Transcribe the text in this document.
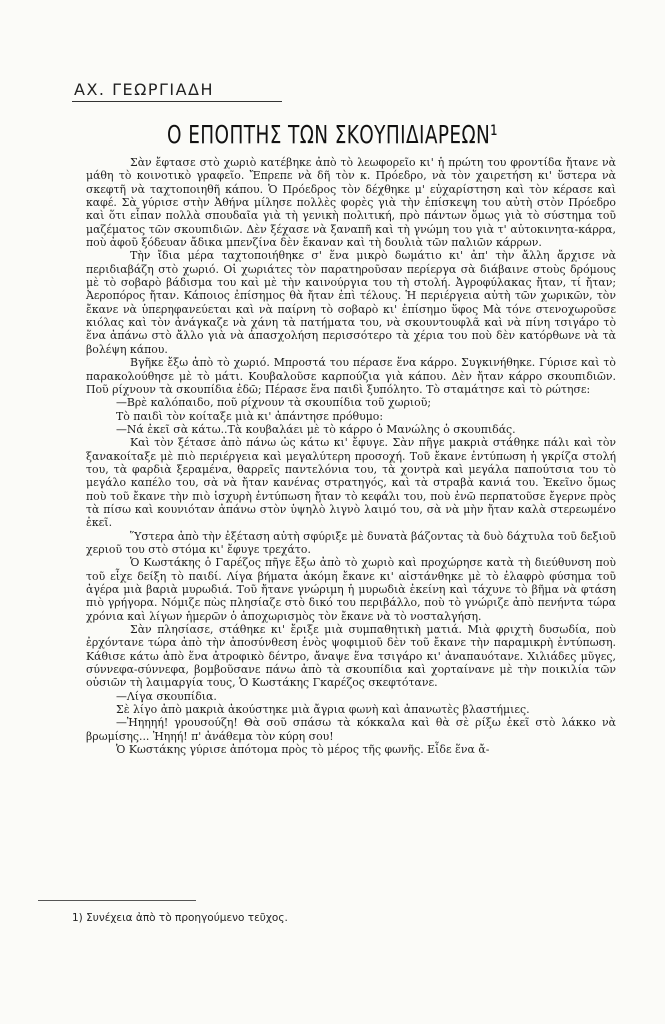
ΑΧ. ΓΕΩΡΓΙΑΔΗ
Ο ΕΠΟΠΤΗΣ ΤΩΝ ΣΚΟΥΠΙΔΙΑΡΕΩΝ¹

Σὰν ἔφτασε στὸ χωριὸ κατέβηκε ἀπὸ τὸ λεωφορεῖο κι' ἡ πρώτη του φροντίδα ἤτανε νὰ μάθη τὸ κοινοτικὸ γραφεῖο. Ἔπρεπε νὰ δῆ τὸν κ. Πρόεδρο, νὰ τὸν χαιρετήση κι' ὕστερα νὰ σκεφτῆ νὰ ταχτοποιηθῆ κάπου. Ὁ Πρόεδρος τὸν δέχθηκε μ' εὐχαρίστηση καὶ τὸν κέρασε καὶ καφέ. Σὰ γύρισε στὴν Ἀθήνα μίλησε πολλὲς φορὲς γιὰ τὴν ἐπίσκεψη του αὐτὴ στὸν Πρόεδρο καὶ ὅτι εἶπαν πολλὰ σπουδαῖα γιὰ τὴ γενικὴ πολιτική, πρὸ πάντων ὅμως γιὰ τὸ σύστημα τοῦ μαζέματος τῶν σκουπιδιῶν. Δὲν ξέχασε νὰ ξαναπῆ καὶ τὴ γνώμη του γιὰ τ' αὐτοκινητα-κάρρα, ποὺ ἀφοῦ ξόδευαν ἄδικα μπενζίνα δὲν ἔκαναν καὶ τὴ δουλιὰ τῶν παλιῶν κάρρων.

Τὴν ἴδια μέρα ταχτοποιήθηκε σ' ἕνα μικρὸ δωμάτιο κι' ἀπ' τὴν ἄλλη ἄρχισε νὰ περιδιαβάζη στὸ χωριό. Οἱ χωριάτες τὸν παρατηροῦσαν περίεργα σὰ διάβαινε στοὺς δρόμους μὲ τὸ σοβαρὸ βάδισμα του καὶ μὲ τὴν καινούργια του τὴ στολή. Ἀγροφύλακας ἤταν, τί ἤταν; Ἀεροπόρος ἤταν. Κάποιος ἐπίσημος θὰ ἤταν ἐπὶ τέλους. Ἡ περιέργεια αὐτὴ τῶν χωρικῶν, τὸν ἔκανε νὰ ὑπερηφανεύεται καὶ νὰ παίρνη τὸ σοβαρὸ κι' ἐπίσημο ὕφος Μὰ τόνε στενοχωροῦσε κιόλας καὶ τὸν ἀνάγκαζε νὰ χάνη τὰ πατήματα του, νὰ σκουντουφλᾶ καὶ νὰ πίνη τσιγάρο τὸ ἕνα ἀπάνω στὸ ἄλλο γιὰ νὰ ἀπασχολήση περισσότερο τὰ χέρια του ποὺ δὲν κατόρθωνε νὰ τὰ βολέψη κάπου.

Βγῆκε ἔξω ἀπὸ τὸ χωριό. Μπροστά του πέρασε ἕνα κάρρο. Συγκινήθηκε. Γύρισε καὶ τὸ παρακολούθησε μὲ τὸ μάτι. Κουβαλοῦσε καρπούζια γιὰ κάπου. Δὲν ἤταν κάρρο σκουπιδιῶν. Ποῦ ρίχνουν τὰ σκουπίδια ἐδῶ; Πέρασε ἕνα παιδὶ ξυπόλητο. Τὸ σταμάτησε καὶ τὸ ρώτησε:

—Βρὲ καλόπαιδο, ποῦ ρίχνουν τὰ σκουπίδια τοῦ χωριοῦ;

Τὸ παιδὶ τὸν κοίταξε μιὰ κι' ἀπάντησε πρόθυμο:

—Νά ἐκεῖ σὰ κάτω..Τὰ κουβαλάει μὲ τὸ κάρρο ὁ Μανώλης ὁ σκουπιδάς.

Καὶ τὸν ξέτασε ἀπὸ πάνω ὡς κάτω κι' ἔφυγε. Σὰν πῆγε μακριὰ στάθηκε πάλι καὶ τὸν ξανακοίταξε μὲ πιὸ περιέργεια καὶ μεγαλύτερη προσοχή. Τοῦ ἔκανε ἐντύπωση ἡ γκρίζα στολή του, τὰ φαρδιὰ ξεραμένα, θαρρεῖς παντελόνια του, τὰ χοντρὰ καὶ μεγάλα παπούτσια του τὸ μεγάλο καπέλο του, σὰ νὰ ἤταν κανένας στρατηγός, καὶ τὰ στραβὰ κανιά του. Ἐκεῖνο ὅμως ποὺ τοῦ ἔκανε τὴν πιὸ ἰσχυρὴ ἐντύπωση ἤταν τὸ κεφάλι του, ποὺ ἐνῶ περπατοῦσε ἔγερνε πρὸς τὰ πίσω καὶ κουνιόταν ἀπάνω στὸν ὑψηλὸ λιγνὸ λαιμό του, σὰ νὰ μὴν ἤταν καλὰ στερεωμένο ἐκεῖ.

Ὕστερα ἀπὸ τὴν ἐξέταση αὐτὴ σφύριξε μὲ δυνατὰ βάζοντας τὰ δυὸ δάχτυλα τοῦ δεξιοῦ χεριοῦ του στὸ στόμα κι' ἔφυγε τρεχάτο.

Ὁ Κωστάκης ὁ Γαρέζος πῆγε ἔξω ἀπὸ τὸ χωριὸ καὶ προχώρησε κατὰ τὴ διεύθυνση ποὺ τοῦ εἶχε δείξη τὸ παιδί. Λίγα βήματα ἀκόμη ἔκανε κι' αἰστάνθηκε μὲ τὸ ἐλαφρὸ φύσημα τοῦ ἀγέρα μιὰ βαριὰ μυρωδιά. Τοῦ ἤτανε γνώριμη ἡ μυρωδιὰ ἐκείνη καὶ τάχυνε τὸ βῆμα νὰ φτάση πιὸ γρήγορα. Νόμιζε πὼς πλησίαζε στὸ δικό του περιβάλλο, ποὺ τὸ γνώριζε ἀπὸ πενήντα τώρα χρόνια καὶ λίγων ἡμερῶν ὁ ἀποχωρισμὸς τὸν ἔκανε νὰ τὸ νοσταλγήση.

Σὰν πλησίασε, στάθηκε κι' ἔριξε μιὰ συμπαθητικὴ ματιά. Μιὰ φριχτὴ δυσωδία, ποὺ ἐρχόντανε τώρα ἀπὸ τὴν ἀποσύνθεση ἑνὸς ψοφιμιοῦ δὲν τοῦ ἔκανε τὴν παραμικρὴ ἐντύπωση. Κάθισε κάτω ἀπὸ ἕνα ἀτροφικὸ δέντρο, ἄναψε ἕνα τσιγάρο κι' ἀναπαυότανε. Χιλιάδες μῦγες, σύννεφα-σύννεφα, βομβοῦσανε πάνω ἀπὸ τὰ σκουπίδια καὶ χορταίνανε μὲ τὴν ποικιλία τῶν οὐσιῶν τὴ λαιμαργία τους, Ὁ Κωστάκης Γκαρέζος σκεφτότανε.

—Λίγα σκουπίδια.

Σὲ λίγο ἀπὸ μακριὰ ἀκούστηκε μιὰ ἄγρια φωνὴ καὶ ἀπανωτὲς βλαστήμιες.

—Ἠηηηή! γρουσούζη! Θὰ σοῦ σπάσω τὰ κόκκαλα καὶ θὰ σὲ ρίξω ἐκεῖ στὸ λάκκο νὰ βρωμίσης... Ἠηηή! π' ἀνάθεμα τὸν κύρη σου!

Ὁ Κωστάκης γύρισε ἀπότομα πρὸς τὸ μέρος τῆς φωνῆς. Εἶδε ἕνα ἄ-

1) Συνέχεια ἀπὸ τὸ προηγούμενο τεῦχος.
